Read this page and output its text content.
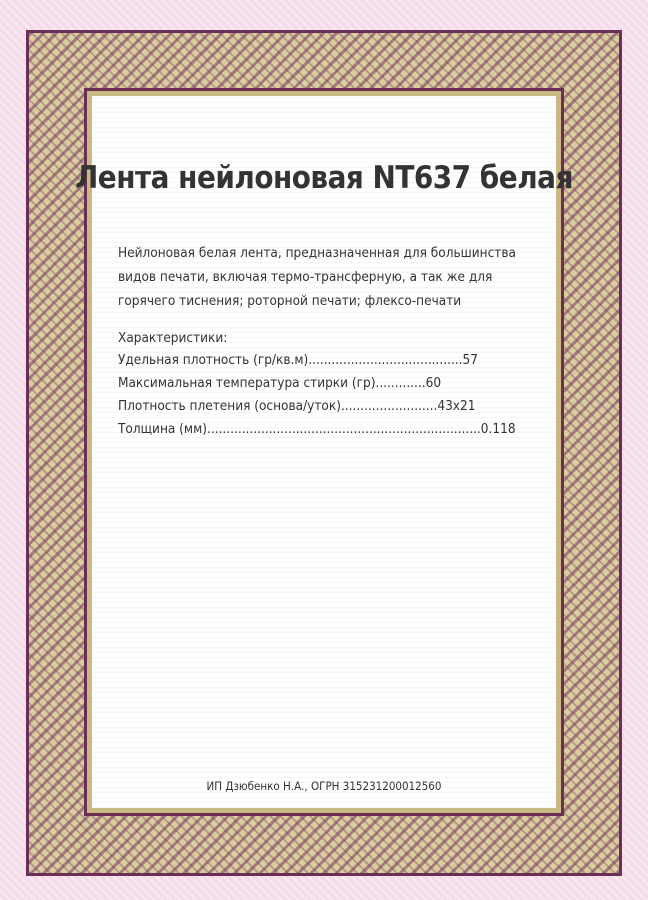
Лента нейлоновая NT637 белая
Нейлоновая белая лента, предназначенная для большинства
видов печати, включая термо-трансферную, а так же для
горячего тиснения; роторной печати; флексо-печати
Характеристики:
Удельная плотность (гр/кв.м)........................................57
Максимальная температура стирки (гр).............60
Плотность плетения (основа/уток).........................43x21
Толщина (мм).......................................................................0.118
ИП Дзюбенко Н.А., ОГРН 315231200012560
